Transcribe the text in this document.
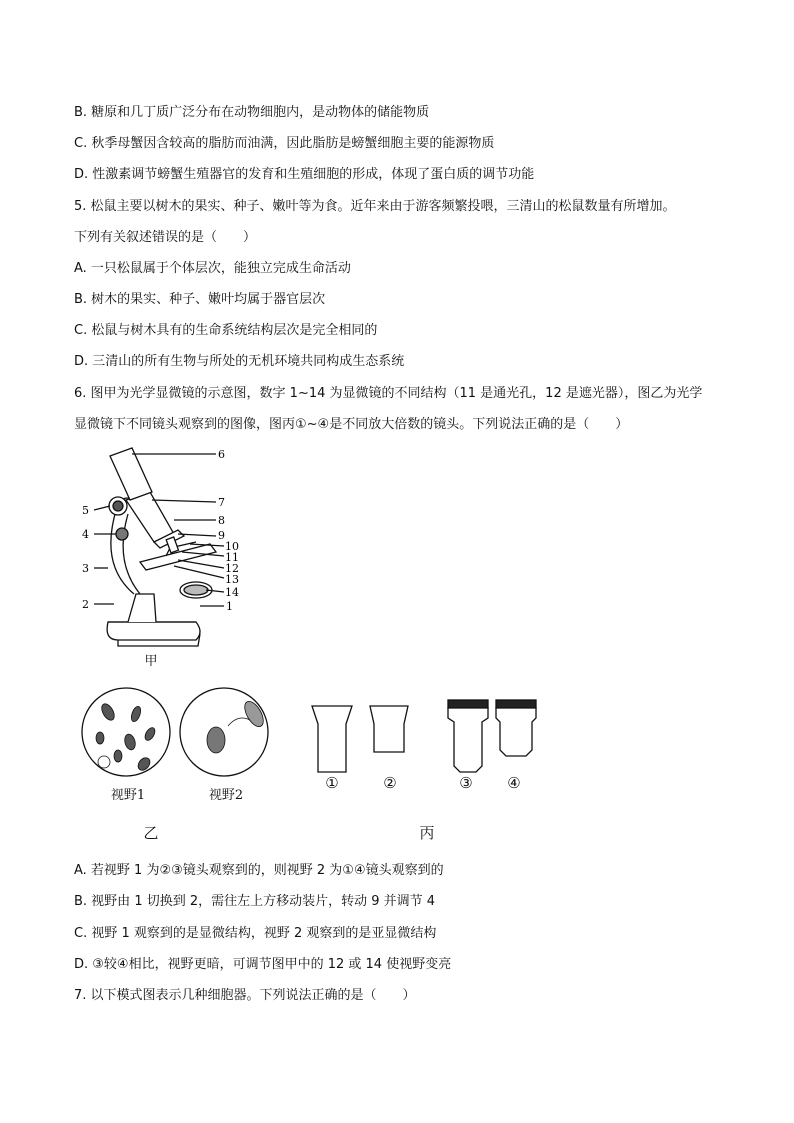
B. 糖原和几丁质广泛分布在动物细胞内，是动物体的储能物质
C. 秋季母蟹因含较高的脂肪而油满，因此脂肪是螃蟹细胞主要的能源物质
D. 性激素调节螃蟹生殖器官的发育和生殖细胞的形成，体现了蛋白质的调节功能
5. 松鼠主要以树木的果实、种子、嫩叶等为食。近年来由于游客频繁投喂，三清山的松鼠数量有所增加。
下列有关叙述错误的是（　　）
A. 一只松鼠属于个体层次，能独立完成生命活动
B. 树木的果实、种子、嫩叶均属于器官层次
C. 松鼠与树木具有的生命系统结构层次是完全相同的
D. 三清山的所有生物与所处的无机环境共同构成生态系统
6. 图甲为光学显微镜的示意图，数字 1~14 为显微镜的不同结构（11 是通光孔，12 是遮光器），图乙为光学
显微镜下不同镜头观察到的图像，图丙①~④是不同放大倍数的镜头。下列说法正确的是（　　）
6
7
8
9
10
11
12
13
14
1
5
4
3
2
甲
视野1	视野2
乙
①	②	③	④
丙
A. 若视野 1 为②③镜头观察到的，则视野 2 为①④镜头观察到的
B. 视野由 1 切换到 2，需往左上方移动装片，转动 9 并调节 4
C. 视野 1 观察到的是显微结构，视野 2 观察到的是亚显微结构
D. ③较④相比，视野更暗，可调节图甲中的 12 或 14 使视野变亮
7. 以下模式图表示几种细胞器。下列说法正确的是（　　）
